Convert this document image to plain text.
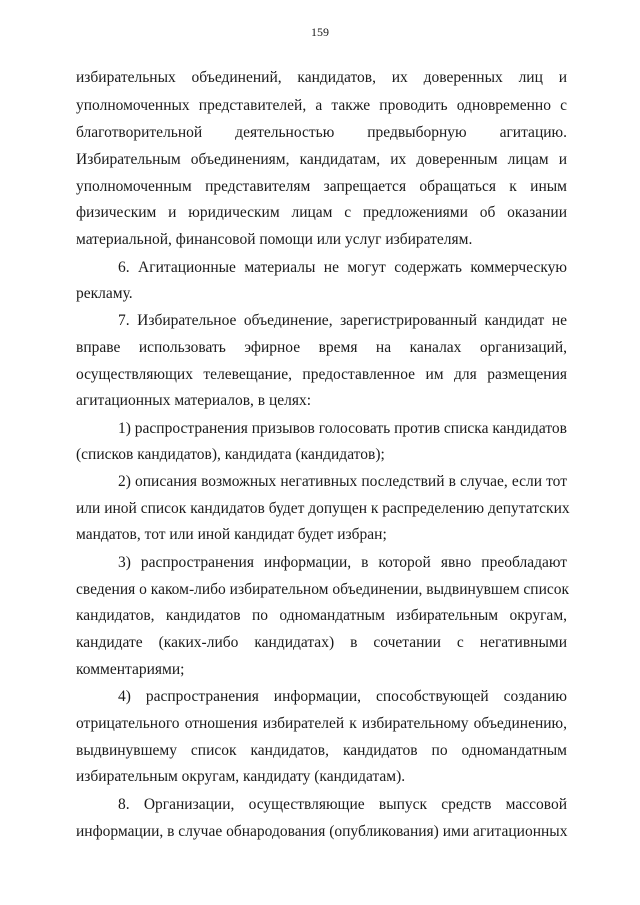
159
избирательных объединений, кандидатов, их доверенных лиц и
уполномоченных представителей, а также проводить одновременно с
благотворительной деятельностью предвыборную агитацию.
Избирательным объединениям, кандидатам, их доверенным лицам и
уполномоченным представителям запрещается обращаться к иным
физическим и юридическим лицам с предложениями об оказании
материальной, финансовой помощи или услуг избирателям.
6. Агитационные материалы не могут содержать коммерческую
рекламу.
7. Избирательное объединение, зарегистрированный кандидат не
вправе использовать эфирное время на каналах организаций,
осуществляющих телевещание, предоставленное им для размещения
агитационных материалов, в целях:
1) распространения призывов голосовать против списка кандидатов
(списков кандидатов), кандидата (кандидатов);
2) описания возможных негативных последствий в случае, если тот
или иной список кандидатов будет допущен к распределению депутатских
мандатов, тот или иной кандидат будет избран;
3) распространения информации, в которой явно преобладают
сведения о каком-либо избирательном объединении, выдвинувшем список
кандидатов, кандидатов по одномандатным избирательным округам,
кандидате (каких-либо кандидатах) в сочетании с негативными
комментариями;
4) распространения информации, способствующей созданию
отрицательного отношения избирателей к избирательному объединению,
выдвинувшему список кандидатов, кандидатов по одномандатным
избирательным округам, кандидату (кандидатам).
8. Организации, осуществляющие выпуск средств массовой
информации, в случае обнародования (опубликования) ими агитационных
